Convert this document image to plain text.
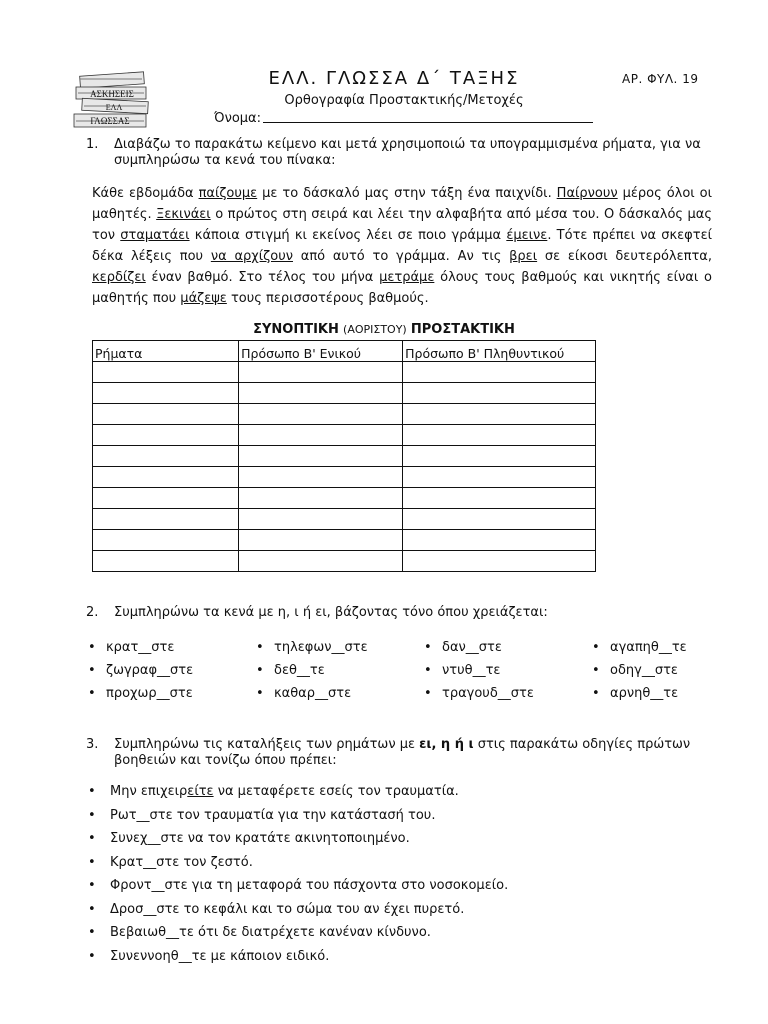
ΑΣΚΗΣΕΙΣ
ΕΛΛ
ΓΛΩΣΣΑΣ
ΕΛΛ. ΓΛΩΣΣΑ Δ΄ ΤΑΞΗΣ	ΑΡ. ΦΥΛ. 19
Ορθογραφία Προστακτικής/Μετοχές
Όνομα:
1. Διαβάζω το παρακάτω κείμενο και μετά χρησιμοποιώ τα υπογραμμισμένα ρήματα, για να συμπληρώσω τα κενά του πίνακα:
Κάθε εβδομάδα παίζουμε με το δάσκαλό μας στην τάξη ένα παιχνίδι. Παίρνουν μέρος όλοι οι μαθητές. Ξεκινάει ο πρώτος στη σειρά και λέει την αλφαβήτα από μέσα του. Ο δάσκαλός μας τον σταματάει κάποια στιγμή κι εκείνος λέει σε ποιο γράμμα έμεινε. Τότε πρέπει να σκεφτεί δέκα λέξεις που να αρχίζουν από αυτό το γράμμα. Αν τις βρει σε είκοσι δευτερόλεπτα, κερδίζει έναν βαθμό. Στο τέλος του μήνα μετράμε όλους τους βαθμούς και νικητής είναι ο μαθητής που μάζεψε τους περισσοτέρους βαθμούς.
ΣΥΝΟΠΤΙΚΗ (ΑΟΡΙΣΤΟΥ) ΠΡΟΣΤΑΚΤΙΚΗ
Ρήματα	Πρόσωπο Β' Ενικού	Πρόσωπο Β' Πληθυντικού

2. Συμπληρώνω τα κενά με η, ι ή ει, βάζοντας τόνο όπου χρειάζεται:
• κρατ__στε	• τηλεφων__στε	• δαν__στε	• αγαπηθ__τε
• ζωγραφ__στε	• δεθ__τε	• ντυθ__τε	• οδηγ__στε
• προχωρ__στε	• καθαρ__στε	• τραγουδ__στε	• αρνηθ__τε
3. Συμπληρώνω τις καταλήξεις των ρημάτων με ει, η ή ι στις παρακάτω οδηγίες πρώτων βοηθειών και τονίζω όπου πρέπει:
• Μην επιχειρείτε να μεταφέρετε εσείς τον τραυματία.
• Ρωτ__στε τον τραυματία για την κατάστασή του.
• Συνεχ__στε να τον κρατάτε ακινητοποιημένο.
• Κρατ__στε τον ζεστό.
• Φροντ__στε για τη μεταφορά του πάσχοντα στο νοσοκομείο.
• Δροσ__στε το κεφάλι και το σώμα του αν έχει πυρετό.
• Βεβαιωθ__τε ότι δε διατρέχετε κανέναν κίνδυνο.
• Συνεννοηθ__τε με κάποιον ειδικό.
